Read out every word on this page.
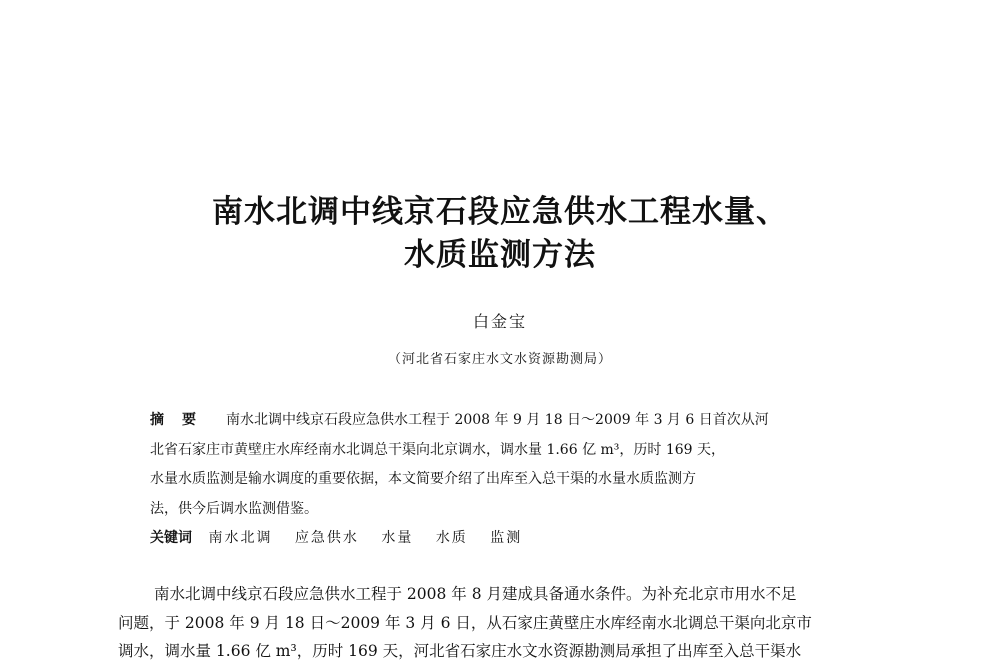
南水北调中线京石段应急供水工程水量、
水质监测方法
白金宝
（河北省石家庄水文水资源勘测局）
摘要 南水北调中线京石段应急供水工程于 2008 年 9 月 18 日～2009 年 3 月 6 日首次从河
北省石家庄市黄壁庄水库经南水北调总干渠向北京调水，调水量 1.66 亿 m³，历时 169 天，
水量水质监测是输水调度的重要依据，本文简要介绍了出库至入总干渠的水量水质监测方
法，供今后调水监测借鉴。
关键词 南水北调 应急供水 水量 水质 监测
南水北调中线京石段应急供水工程于 2008 年 8 月建成具备通水条件。为补充北京市用水不足
问题，于 2008 年 9 月 18 日～2009 年 3 月 6 日，从石家庄黄壁庄水库经南水北调总干渠向北京市
调水，调水量 1.66 亿 m³，历时 169 天，河北省石家庄水文水资源勘测局承担了出库至入总干渠水
